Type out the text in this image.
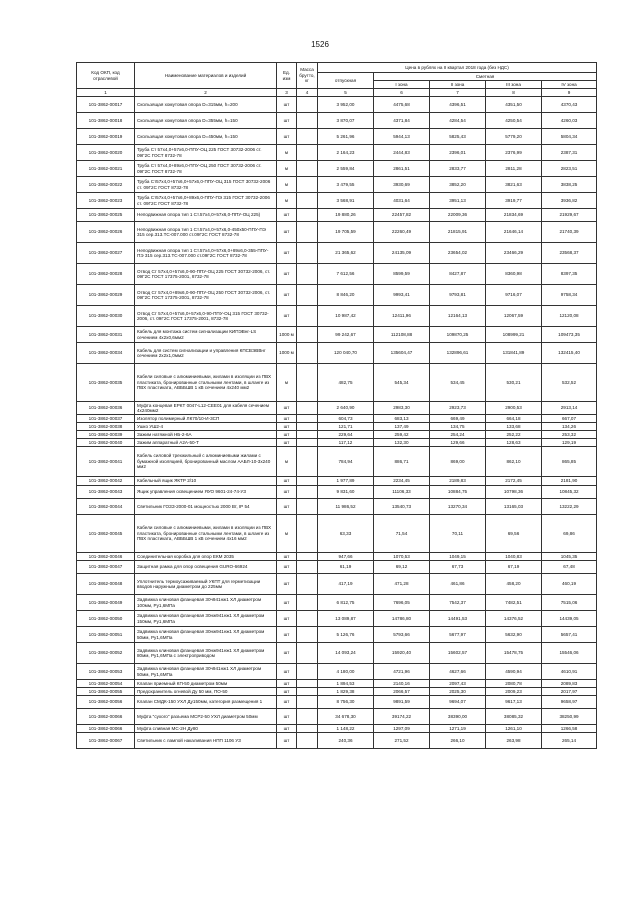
1526
Код ОКП, код отраслевой	Наименование материалов и изделий	Ед. изм	Масса брутто, кг	Цена в рублях на II квартал 2018 года (без НДС)				
				отпускная	Сметная			
					I зона	II зона	III зона	IV зона
1	2	3	4	5	6	7	8	9
101-3862-00017	Скользящая хомутовая опора D=315мм, h=200	шт		3 952,00	4475,68	4396,51	4351,50	4370,43
101-3862-00018	Скользящая хомутовая опора D=355мм, h=150	шт		3 870,07	4371,84	4284,54	4250,54	4260,03
101-3862-00019	Скользящая хомутовая опора D=450мм, h=150	шт		5 261,96	5944,13	5825,43	5779,20	5804,34
101-3862-00020	Труба Ст 57х4,0+57х6,0-ППУ-ОЦ 225 ГОСТ 30732-2006 ст. 09Г2С ГОСТ 8732-78	м		2 164,23	2444,83	2396,01	2376,99	2387,31
101-3862-00021	Труба Ст 57х4,0+89х6,0-ППУ-ОЦ 250 ГОСТ 30732-2006 ст. 09Г2С ГОСТ 8732-78	м		2 559,84	2861,51	2833,77	2811,28	2823,51
101-3862-00022	Труба Ст57х4,0+57х6,0+57х6,0-ППУ-ОЦ 315 ГОСТ 30732-2006 ст. 09Г2С ГОСТ 8732-78	м		3 479,55	3930,69	3852,20	3821,63	3838,25
101-3862-00023	Труба Ст57х4,0+57х6,0+89х6,0-ППУ-ПЭ 315 ГОСТ 30732-2006 ст. 09Г2С ГОСТ 8732-78	м		3 568,91	4031,64	3951,13	3919,77	3936,82
101-3862-00025	Неподвижная опора тип 1 Ст.57х4,0+57х6,0-ППУ-ОЦ 225)	шт		19 880,26	22457,82	22009,36	21834,69	21929,67
101-3862-00026	Неподвижная опора тип 1 Ст.57х4,0+57х6,0-450х50-ППУ-ПЭ 315 сер.313.ТС-007.000 ст.09Г2С ГОСТ 8732-78	шт		19 705,59	22260,49	21815,91	21646,14	21740,39
101-3862-00027	Неподвижная опора тип 1 Ст.57х4,0+57х6,0+89х6,0-355-ППУ-ПЭ 315 сер.313.ТС-007.000 ст.09Г2С ГОСТ 8732-78	шт		21 365,62	24135,09	23654,02	23466,29	23568,37
101-3862-00028	Отвод Ст 57х4,0+57х6,0-90-ППУ-ОЦ 225 ГОСТ 30732-2006, ст. 09Г2С ГОСТ 17375-2001, 8732-78	шт		7 612,56	8599,59	8427,87	8360,98	8397,35
101-3862-00029	Отвод Ст 57х4,0+89х6,0-90-ППУ-ОЦ 250 ГОСТ 30732-2006, ст. 09Г2С ГОСТ 17375-2001, 8732-78	шт		8 846,20	9993,41	9793,81	9716,07	9758,34
101-3862-00030	Отвод Ст 57х4,0+57х6,0+57х6,0-90-ППУ-ОЦ 315 ГОСТ 30732-2006, ст. 09Г2С ГОСТ 17375-2001, 8732-78	шт		10 987,42	12411,96	12164,13	12067,59	12120,08
101-3862-00031	Кабель для монтажа систем сигнализации КИПЭВнг-LS сечением 4х2х0,6мм2	1000 м		99 242,67	112108,88	109870,25	108999,21	109473,35
101-3862-00034	Кабель для систем сигнализации и управления КПСВЭВВнг сечением 2х2х1,0мм2	1000 м		120 040,70	135604,47	132896,61	131841,89	132415,40
101-3862-00035	Кабели силовые с алюминиевыми, жилами в изоляции из ПВХ пластиката, бронированные стальными лентами, в шланге из ПВХ пластиката, АВББШВ 1 кВ сечением 4х240 мм2	м		482,75	545,34	534,45	530,21	532,52
101-3862-00036	Муфта концевая ЕРКТ 0047-L12-CEE01 для кабеля сечением 4х240мм2	шт		2 640,90	2983,30	2923,73	2900,53	2913,14
101-3862-00037	Изолятор полимерный ЛК70/10-И-3СП	шт		604,73	683,13	669,49	664,18	667,07
101-3862-00038	Ушко УШ2-4	шт		121,71	137,49	134,75	133,68	134,26
101-3862-00039	Зажим натяжной НБ-2-6А	шт		229,64	259,42	254,24	252,22	253,32
101-3862-00040	Зажим аппаратный А2А-50-Т	шт		117,12	132,30	129,66	128,63	129,19
101-3862-00041	Кабель силовой трехжильный с алюминиевыми жилами с бумажной изоляцией, бронированный маслом ААБЛ-10-3х240 мм2	м		784,94	886,71	869,00	862,10	865,85
101-3862-00042	Кабельный ящик ЯКТР 2/10	шт		1 977,89	2234,45	2189,83	2172,45	2181,90
101-3862-00043	Ящик управления освещением ЯУО 9601-24-74-УЗ	шт		9 831,60	11106,33	10884,75	10798,36	10845,32
101-3862-00044	Светильник ГОЗЗ-2000-01 мощностью 2000 Вт, IP 54	шт		11 986,52	13540,73	13270,34	13165,03	13222,29
101-3862-00045	Кабели силовые с алюминиевыми, жилами в изоляции из ПВХ пластиката, бронированные стальными лентами, в шланге из ПВХ пластиката, АВББШВ 1 кВ сечением 4х16 мм2	м		63,33	71,54	70,11	69,56	69,86
101-3862-00046	Соединительная коробка для опор ЕКМ 2035	шт		947,66	1070,53	1049,15	1040,83	1045,35
101-3862-00047	Защитная рамка для опор освещения GURO-66924	шт		61,19	69,12	67,73	67,19	67,48
101-3862-00048	Уплотнитель термоусаживаемый УКПТ для герметизации вводов наружным диаметром до 225мм	шт		417,19	471,28	461,86	458,20	460,19
101-3862-00049	Задвижка клиновая фланцевая 30ч941нж1 ХЛ диаметром 100мм, Ру1,6МПа	шт		6 812,75	7696,05	7542,37	7482,51	7515,06
101-3862-00050	Задвижка клиновая фланцевая 30нж941нж1 ХЛ диаметром 150мм, Ру1,6МПа	шт		13 089,87	14786,80	14491,53	14376,52	14439,05
101-3862-00051	Задвижка клиновая фланцевая 30нж941нж1 ХЛ диаметром 50мм, Ру1,6МПа	шт		5 126,76	5793,66	5677,97	5632,90	5657,41
101-3862-00052	Задвижка клиновая фланцевая 30нж941нж1 ХЛ диаметром 80мм, Ру1,6МПа с электроприводом	шт		14 093,24	15920,40	15602,57	15478,75	15546,06
101-3862-00053	Задвижка клиновая фланцевая 30ч941нж1 ХЛ диаметром 50мм, Ру1,6МПа	шт		4 180,00	4721,96	4627,66	4590,94	4610,91
101-3862-00054	Клапан приемный КП-50 диаметром 50мм	шт		1 894,53	2140,16	2097,43	2080,78	2089,83
101-3862-00055	Предохранитель огневой Ду 50 мм, ПО-50	шт		1 829,38	2066,57	2025,30	2009,23	2017,97
101-3862-00056	Клапан СМДК-150 УХЛ Ду150мм, категория размещения 1	шт		8 756,30	9891,59	9694,07	9617,13	9658,97
101-3862-00066	Муфта "сухого" разъема МСР2-50 УХЛ диаметром 50мм	шт		34 678,30	39174,22	38390,00	38085,32	38250,99
101-3862-00066	Муфта сливная МС-2Н Ду80	шт		1 148,22	1297,09	1271,19	1261,10	1266,58
101-3862-00067	Светильник с лампой накаливания НПП 1106 УЗ	шт		240,36	271,52	266,10	263,98	265,14
